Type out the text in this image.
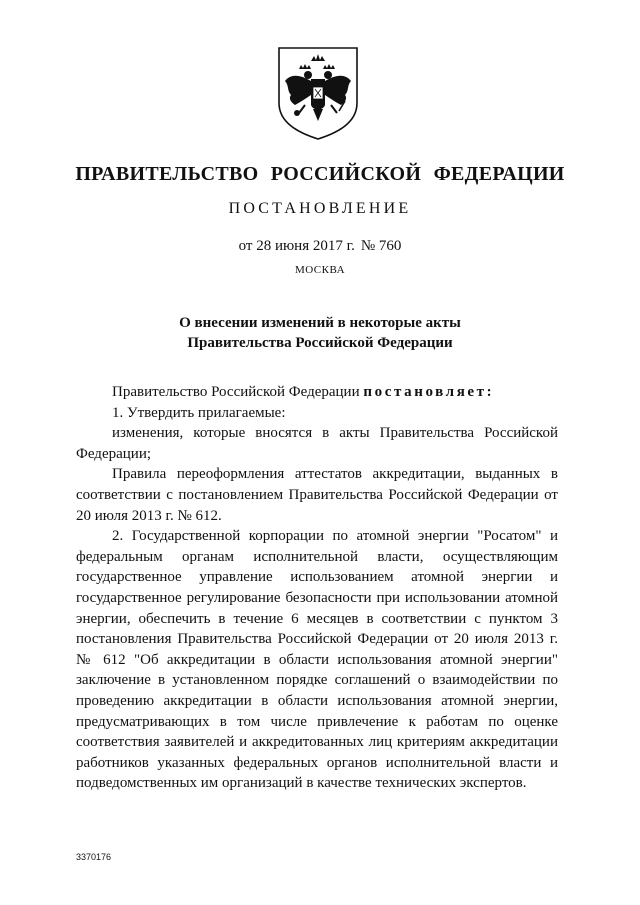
ПРАВИТЕЛЬСТВО РОССИЙСКОЙ ФЕДЕРАЦИИ
ПОСТАНОВЛЕНИЕ
от 28 июня 2017 г. № 760
МОСКВА
О внесении изменений в некоторые акты
Правительства Российской Федерации

Правительство Российской Федерации постановляет:

1. Утвердить прилагаемые:

изменения, которые вносятся в акты Правительства Российской Федерации;

Правила переоформления аттестатов аккредитации, выданных в соответствии с постановлением Правительства Российской Федерации от 20 июля 2013 г. № 612.

2. Государственной корпорации по атомной энергии "Росатом" и федеральным органам исполнительной власти, осуществляющим государственное управление использованием атомной энергии и государственное регулирование безопасности при использовании атомной энергии, обеспечить в течение 6 месяцев в соответствии с пунктом 3 постановления Правительства Российской Федерации от 20 июля 2013 г. № 612 "Об аккредитации в области использования атомной энергии" заключение в установленном порядке соглашений о взаимодействии по проведению аккредитации в области использования атомной энергии, предусматривающих в том числе привлечение к работам по оценке соответствия заявителей и аккредитованных лиц критериям аккредитации работников указанных федеральных органов исполнительной власти и подведомственных им организаций в качестве технических экспертов.

3370176
